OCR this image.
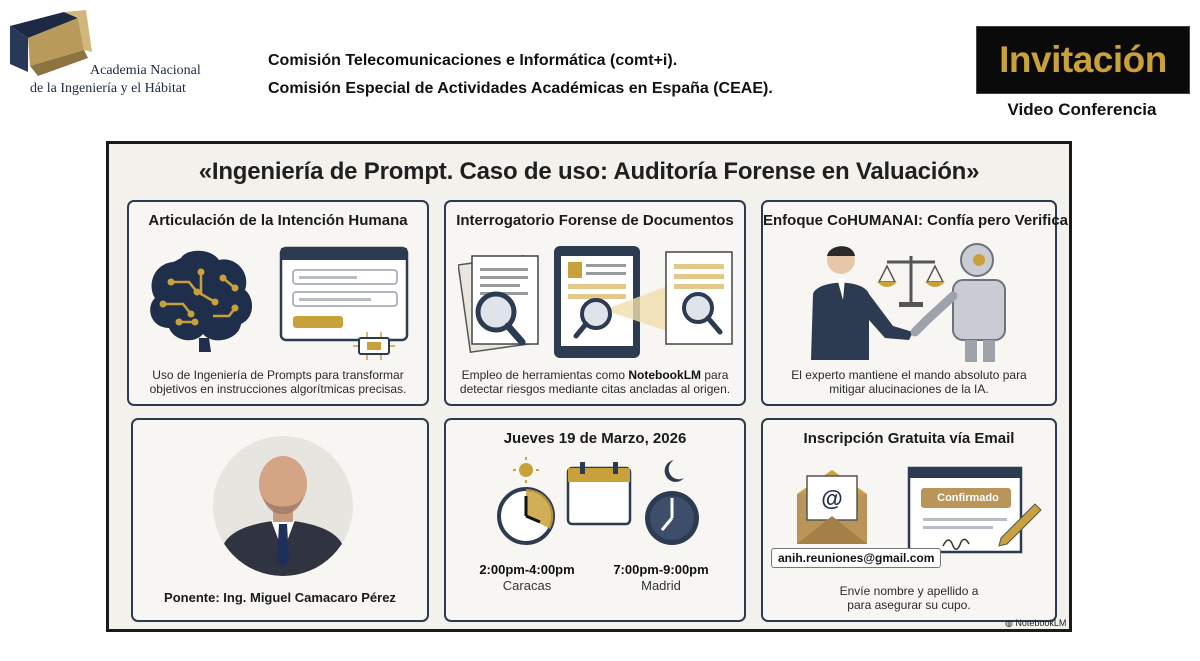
Academia Nacional
de la Ingeniería y el Hábitat
Comisión Telecomunicaciones e Informática (comt+i).
Comisión Especial de Actividades Académicas en España (CEAE).
Invitación
Video Conferencia
«Ingeniería de Prompt. Caso de uso: Auditoría Forense en Valuación»
Articulación de la Intención Humana
Uso de Ingeniería de Prompts para transformar
objetivos en instrucciones algorítmicas precisas.
Interrogatorio Forense de Documentos
Empleo de herramientas como NotebookLM para
detectar riesgos mediante citas ancladas al origen.
Enfoque CoHUMANAI: Confía pero Verifica
El experto mantiene el mando absoluto para
mitigar alucinaciones de la IA.
Ponente: Ing. Miguel Camacaro Pérez
Jueves 19 de Marzo, 2026
2:00pm-4:00pm
Caracas
7:00pm-9:00pm
Madrid
Inscripción Gratuita vía Email
@	Confirmado
anih.reuniones@gmail.com
Envíe nombre y apellido a
para asegurar su cupo.
◍ NotebookLM
